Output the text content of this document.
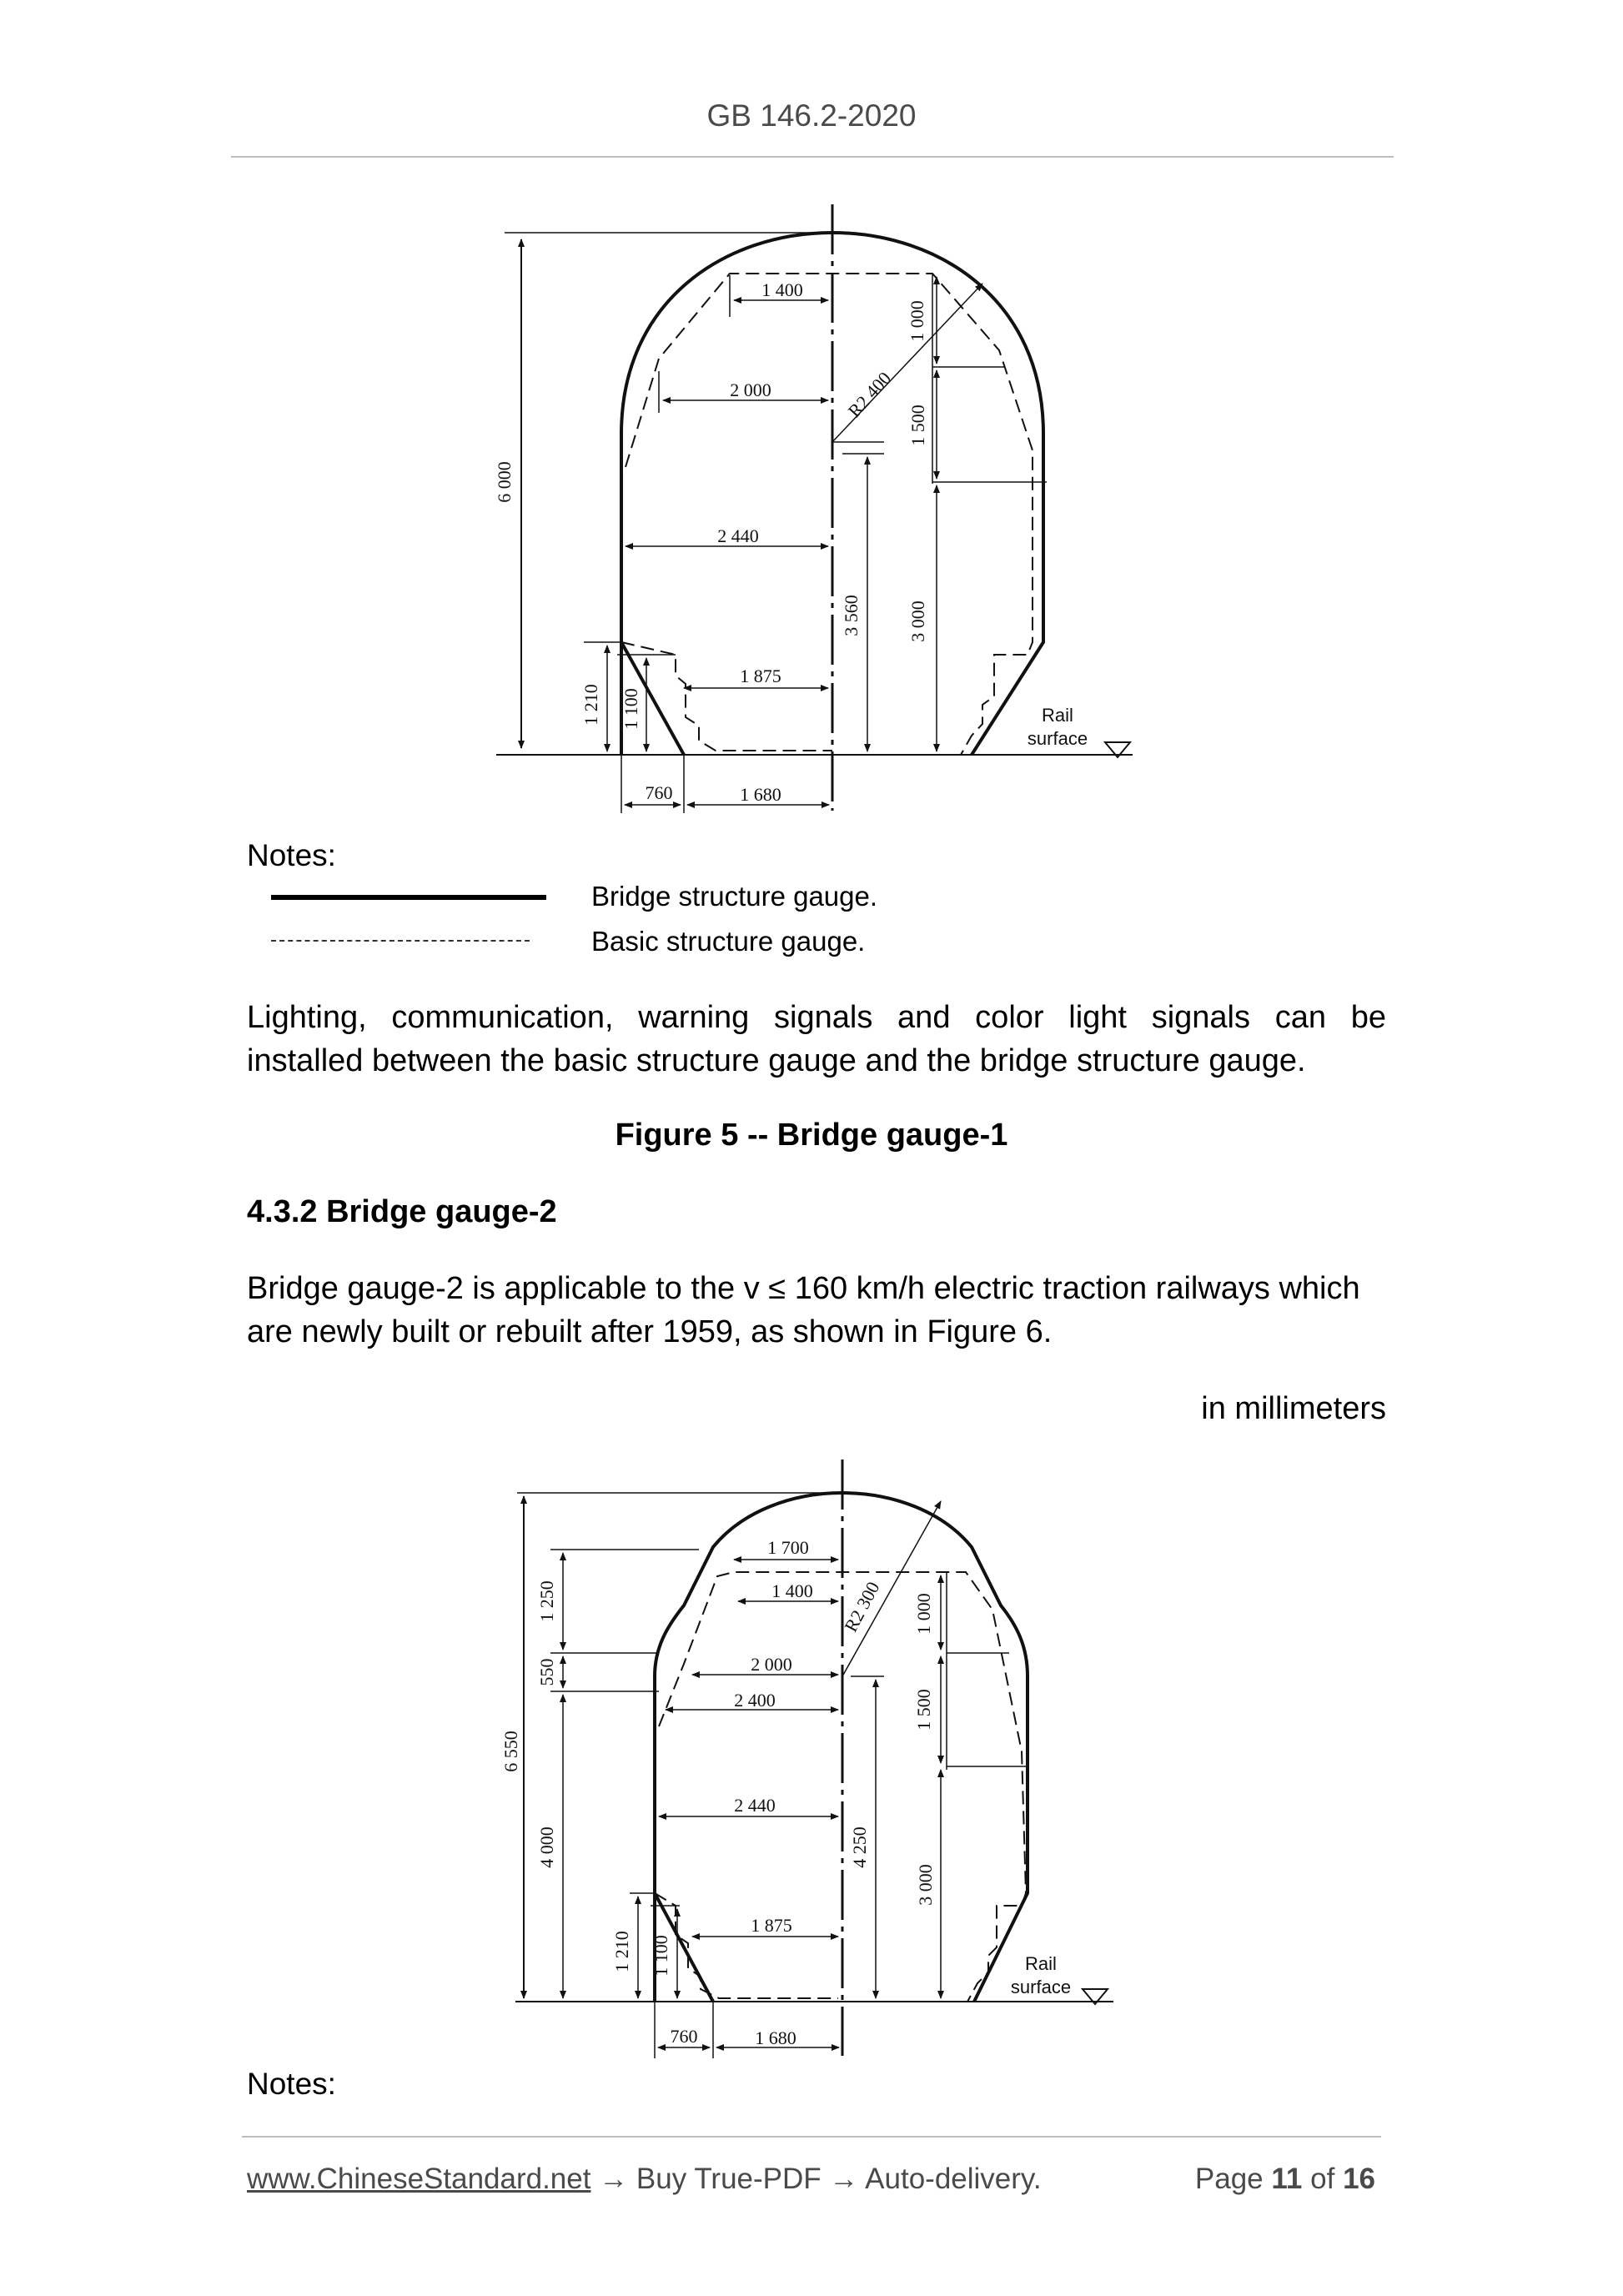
GB 146.2-2020
6 000
1 400
1 000
R2 400
2 000
1 500
2 440
3 560	3 000
1 875
1 210 1 100
760	1 680
Rail
surface
Notes:
Bridge structure gauge.
Basic structure gauge.
Lighting, communication, warning signals and color light signals can be
installed between the basic structure gauge and the bridge structure gauge.
Figure 5 -- Bridge gauge-1
4.3.2 Bridge gauge-2
Bridge gauge-2 is applicable to the v ≤ 160 km/h electric traction railways which
are newly built or rebuilt after 1959, as shown in Figure 6.
in millimeters
6 550
1 250
550
4 000
1 700
1 400 R2 300 1 000
2 000
2 400	1 500
2 440
4 250
3 000
1 875
1 210 1 100
760	1 680
Rail
surface
Notes:
www.ChineseStandard.net → Buy True-PDF → Auto-delivery.	Page 11 of 16
